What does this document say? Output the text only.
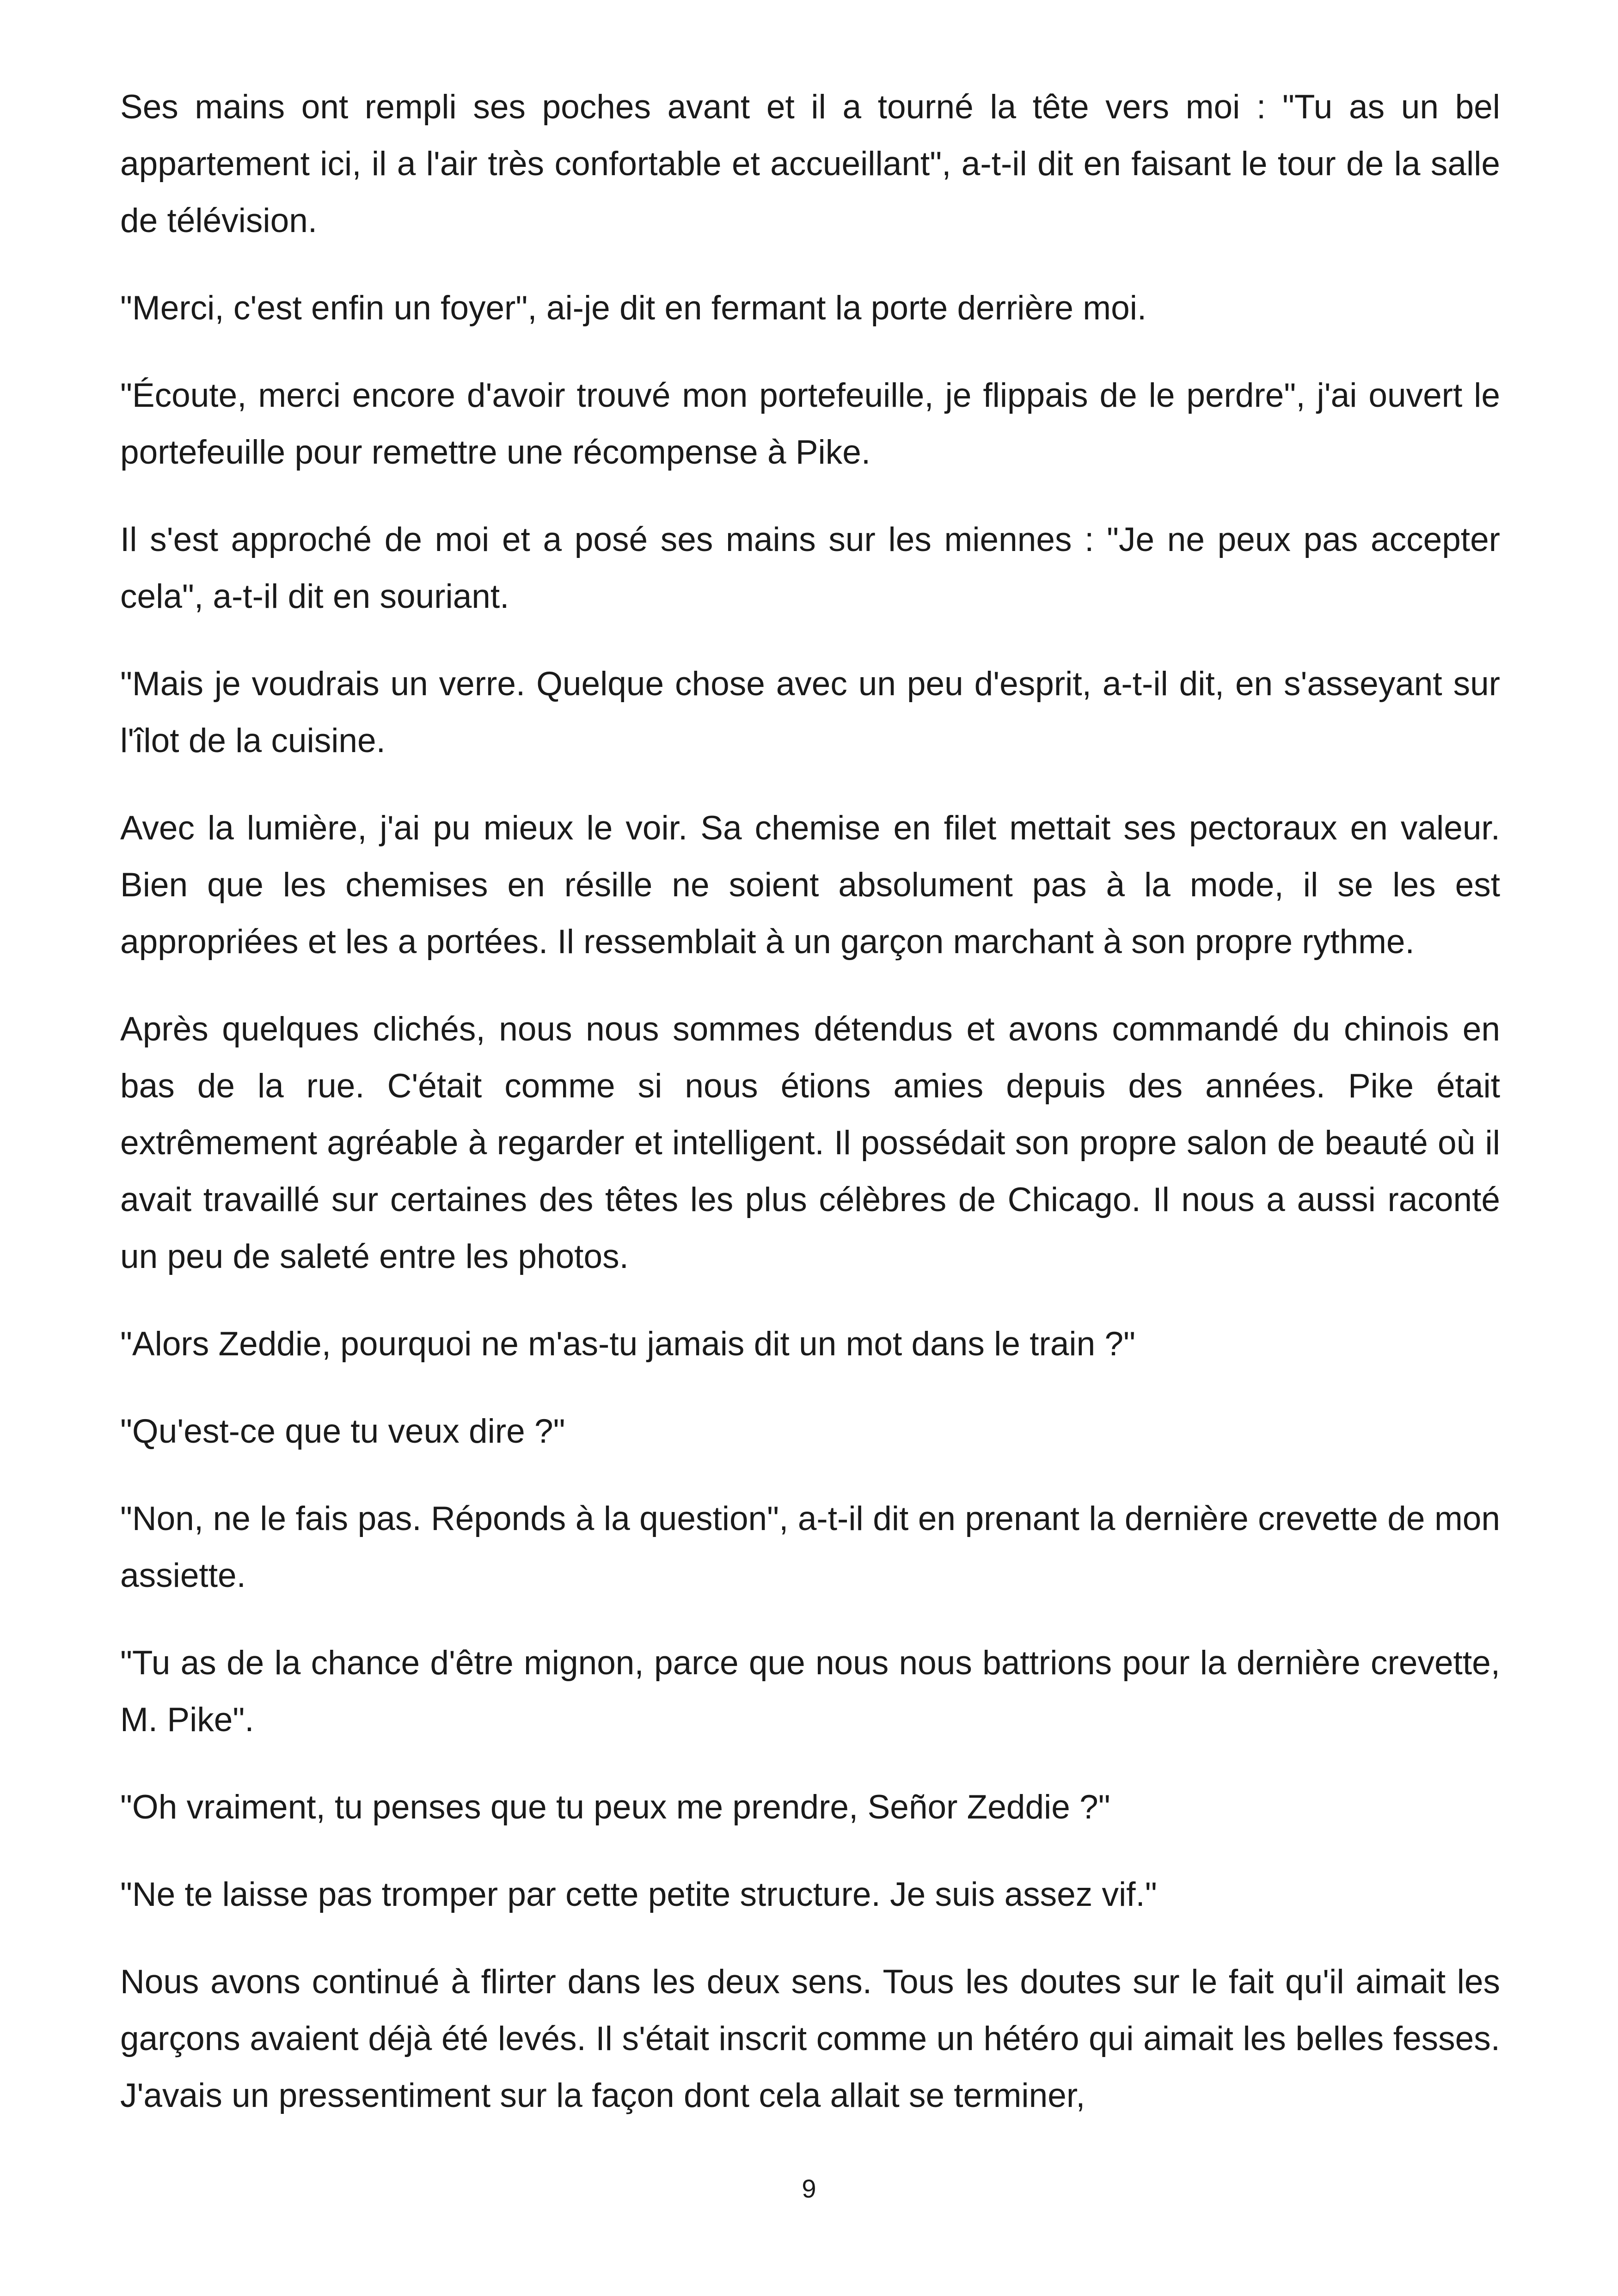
Ses mains ont rempli ses poches avant et il a tourné la tête vers moi : "Tu as un bel appartement ici, il a l'air très confortable et accueillant", a-t-il dit en faisant le tour de la salle de télévision.

"Merci, c'est enfin un foyer", ai-je dit en fermant la porte derrière moi.

"Écoute, merci encore d'avoir trouvé mon portefeuille, je flippais de le perdre", j'ai ouvert le portefeuille pour remettre une récompense à Pike.

Il s'est approché de moi et a posé ses mains sur les miennes : "Je ne peux pas accepter cela", a-t-il dit en souriant.

"Mais je voudrais un verre. Quelque chose avec un peu d'esprit, a-t-il dit, en s'asseyant sur l'îlot de la cuisine.

Avec la lumière, j'ai pu mieux le voir. Sa chemise en filet mettait ses pectoraux en valeur. Bien que les chemises en résille ne soient absolument pas à la mode, il se les est appropriées et les a portées. Il ressemblait à un garçon marchant à son propre rythme.

Après quelques clichés, nous nous sommes détendus et avons commandé du chinois en bas de la rue. C'était comme si nous étions amies depuis des années. Pike était extrêmement agréable à regarder et intelligent. Il possédait son propre salon de beauté où il avait travaillé sur certaines des têtes les plus célèbres de Chicago. Il nous a aussi raconté un peu de saleté entre les photos.

"Alors Zeddie, pourquoi ne m'as-tu jamais dit un mot dans le train ?"

"Qu'est-ce que tu veux dire ?"

"Non, ne le fais pas. Réponds à la question", a-t-il dit en prenant la dernière crevette de mon assiette.

"Tu as de la chance d'être mignon, parce que nous nous battrions pour la dernière crevette, M. Pike".

"Oh vraiment, tu penses que tu peux me prendre, Señor Zeddie ?"

"Ne te laisse pas tromper par cette petite structure. Je suis assez vif."

Nous avons continué à flirter dans les deux sens. Tous les doutes sur le fait qu'il aimait les garçons avaient déjà été levés. Il s'était inscrit comme un hétéro qui aimait les belles fesses. J'avais un pressentiment sur la façon dont cela allait se terminer,

9
